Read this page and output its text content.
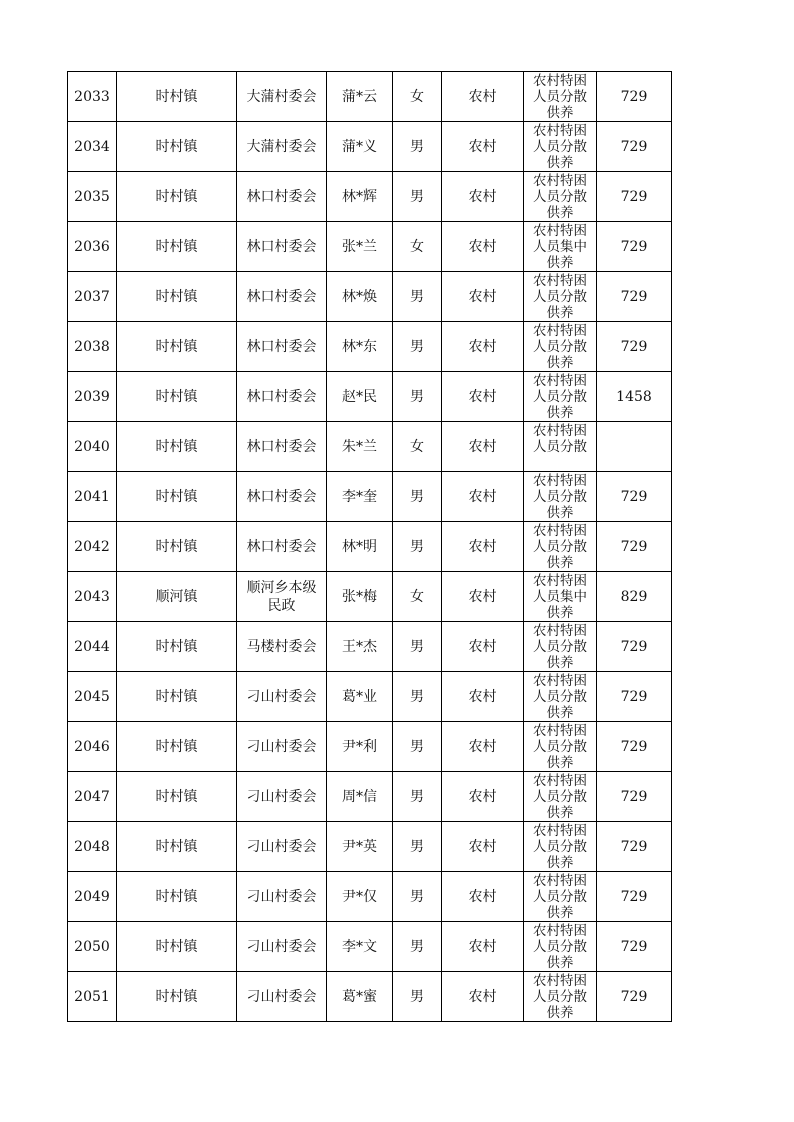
2033	时村镇	大蒲村委会	蒲*云	女	农村	农村特困人员分散供养	729

2034	时村镇	大蒲村委会	蒲*义	男	农村	农村特困人员分散供养	729

2035	时村镇	林口村委会	林*辉	男	农村	农村特困人员分散供养	729

2036	时村镇	林口村委会	张*兰	女	农村	农村特困人员集中供养	729

2037	时村镇	林口村委会	林*焕	男	农村	农村特困人员分散供养	729

2038	时村镇	林口村委会	林*东	男	农村	农村特困人员分散供养	729

2039	时村镇	林口村委会	赵*民	男	农村	农村特困人员分散供养	1458

2040	时村镇	林口村委会	朱*兰	女	农村	农村特困人员分散	

2041	时村镇	林口村委会	李*奎	男	农村	农村特困人员分散供养	729

2042	时村镇	林口村委会	林*明	男	农村	农村特困人员分散供养	729

2043	顺河镇	顺河乡本级民政	张*梅	女	农村	农村特困人员集中供养	829

2044	时村镇	马楼村委会	王*杰	男	农村	农村特困人员分散供养	729

2045	时村镇	刁山村委会	葛*业	男	农村	农村特困人员分散供养	729

2046	时村镇	刁山村委会	尹*利	男	农村	农村特困人员分散供养	729

2047	时村镇	刁山村委会	周*信	男	农村	农村特困人员分散供养	729

2048	时村镇	刁山村委会	尹*英	男	农村	农村特困人员分散供养	729

2049	时村镇	刁山村委会	尹*仅	男	农村	农村特困人员分散供养	729

2050	时村镇	刁山村委会	李*文	男	农村	农村特困人员分散供养	729

2051	时村镇	刁山村委会	葛*蜜	男	农村	农村特困人员分散供养	729
